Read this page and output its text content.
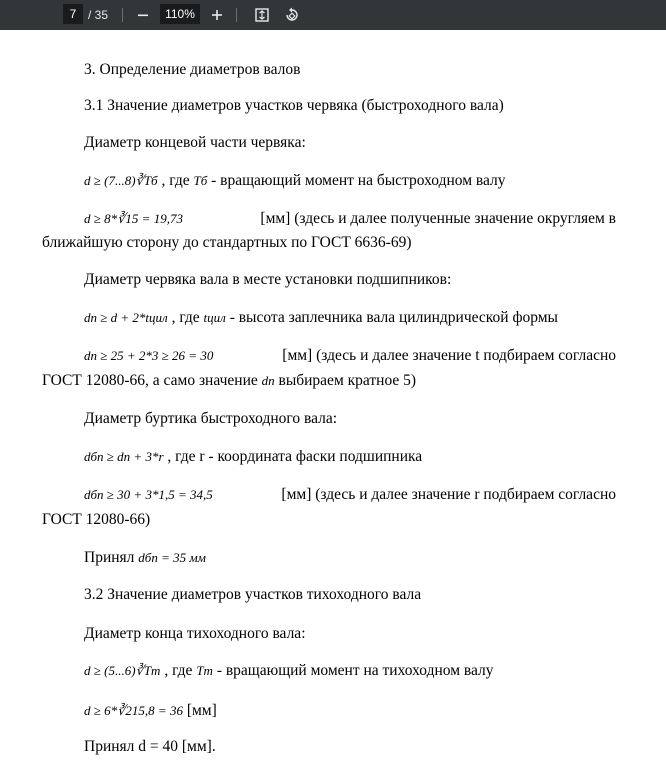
7 / 35	110%
3. Определение диаметров валов
3.1 Значение диаметров участков червяка (быстроходного вала)
Диаметр концевой части червяка:
d ≥ (7...8)∛Tб , где Tб - вращающий момент на быстроходном валу
d ≥ 8*∛15 = 19,73	[мм] (здесь и далее полученные значение округляем в
ближайшую сторону до стандартных по ГОСТ 6636-69)
Диаметр червяка вала в месте установки подшипников:
dп ≥ d + 2*tцил , где tцил - высота заплечника вала цилиндрической формы
dп ≥ 25 + 2*3 ≥ 26 = 30	[мм] (здесь и далее значение t подбираем согласно
ГОСТ 12080-66, а само значение dп выбираем кратное 5)
Диаметр буртика быстроходного вала:
dбп ≥ dп + 3*r , где r - координата фаски подшипника
dбп ≥ 30 + 3*1,5 = 34,5	[мм] (здесь и далее значение r подбираем согласно
ГОСТ 12080-66)
Принял dбп = 35 мм
3.2 Значение диаметров участков тихоходного вала
Диаметр конца тихоходного вала:
d ≥ (5...6)∛Tт , где Tт - вращающий момент на тихоходном валу
d ≥ 6*∛215,8 = 36 [мм]
Принял d = 40 [мм].
